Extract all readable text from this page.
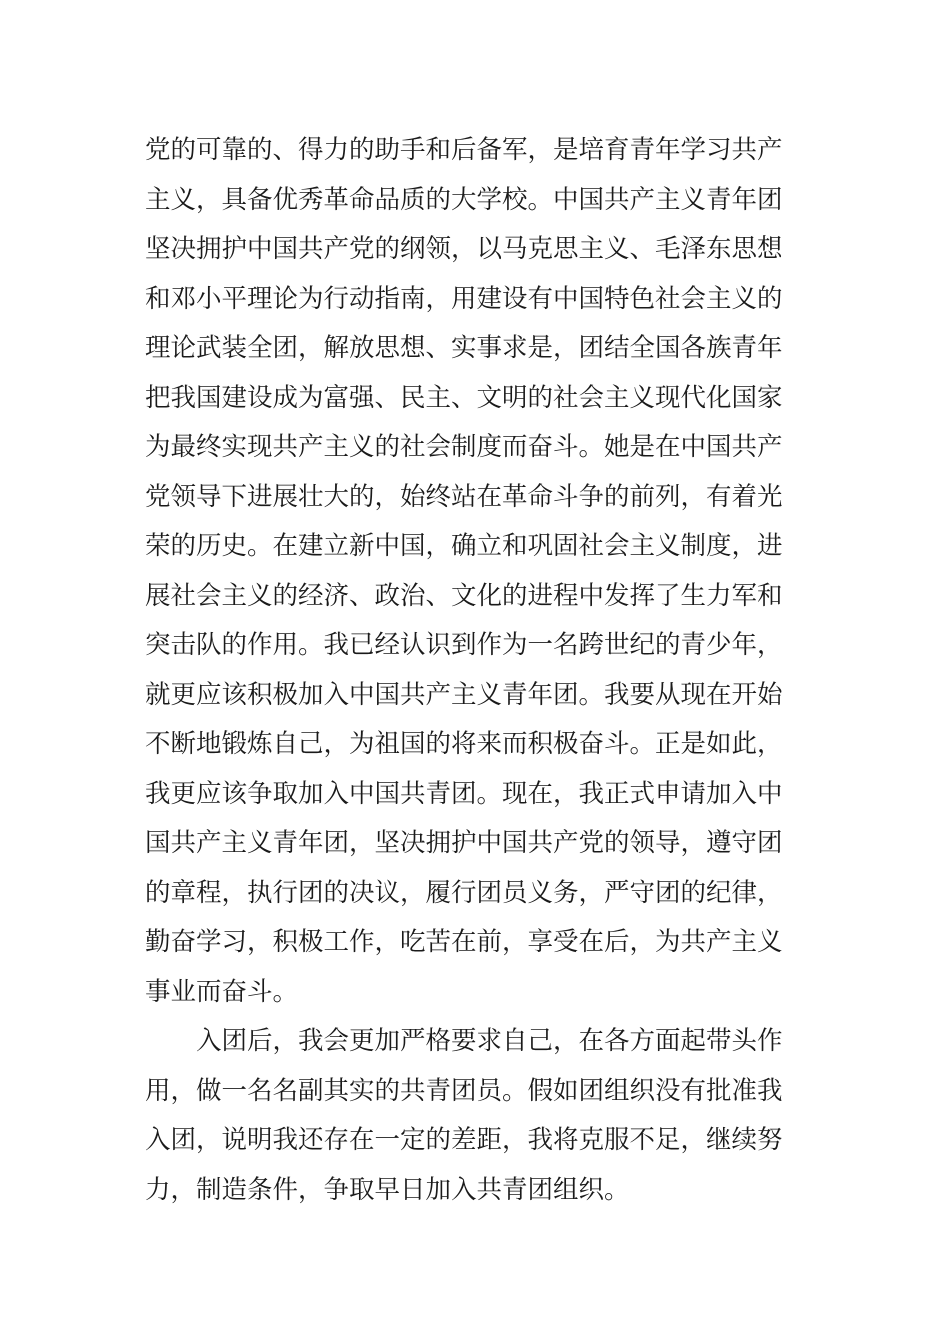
党的可靠的、得力的助手和后备军，是培育青年学习共产
主义，具备优秀革命品质的大学校。中国共产主义青年团
坚决拥护中国共产党的纲领，以马克思主义、毛泽东思想
和邓小平理论为行动指南，用建设有中国特色社会主义的
理论武装全团，解放思想、实事求是，团结全国各族青年
把我国建设成为富强、民主、文明的社会主义现代化国家
为最终实现共产主义的社会制度而奋斗。她是在中国共产
党领导下进展壮大的，始终站在革命斗争的前列，有着光
荣的历史。在建立新中国，确立和巩固社会主义制度，进
展社会主义的经济、政治、文化的进程中发挥了生力军和
突击队的作用。我已经认识到作为一名跨世纪的青少年，
就更应该积极加入中国共产主义青年团。我要从现在开始
不断地锻炼自己，为祖国的将来而积极奋斗。正是如此，
我更应该争取加入中国共青团。现在，我正式申请加入中
国共产主义青年团，坚决拥护中国共产党的领导，遵守团
的章程，执行团的决议，履行团员义务，严守团的纪律，
勤奋学习，积极工作，吃苦在前，享受在后，为共产主义
事业而奋斗。
入团后，我会更加严格要求自己，在各方面起带头作
用，做一名名副其实的共青团员。假如团组织没有批准我
入团，说明我还存在一定的差距，我将克服不足，继续努
力，制造条件，争取早日加入共青团组织。
